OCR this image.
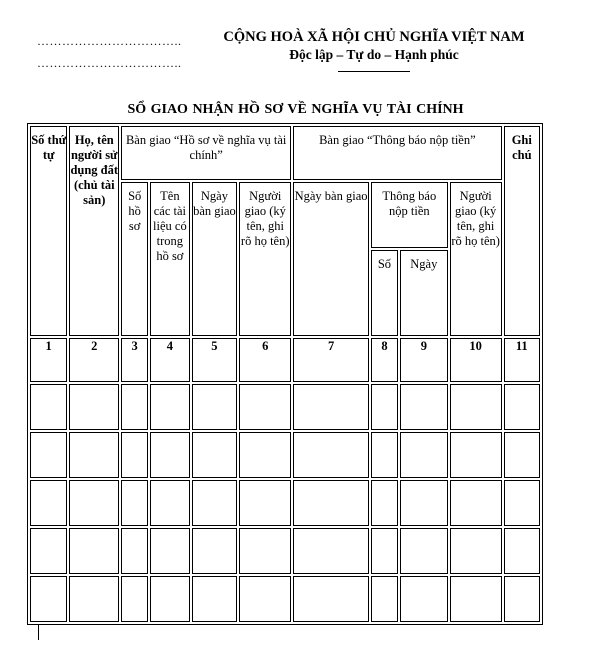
……………………………..
……………………………..
CỘNG HOÀ XÃ HỘI CHỦ NGHĨA VIỆT NAM
Độc lập – Tự do – Hạnh phúc
SỔ GIAO NHẬN HỒ SƠ VỀ NGHĨA VỤ TÀI CHÍNH
Số thứ tự	Họ, tên người sử dụng đất (chủ tài sản)	Bàn giao “Hồ sơ về nghĩa vụ tài chính”				Bàn giao “Thông báo nộp tiền”				Ghi chú
		Số hồ sơ	Tên các tài liệu có trong hồ sơ	Ngày bàn giao	Người giao (ký tên, ghi rõ họ tên)	Ngày bàn giao	Thông báo nộp tiền		Người giao (ký tên, ghi rõ họ tên)	
							Số	Ngày		
1	2	3	4	5	6	7	8	9	10	11
